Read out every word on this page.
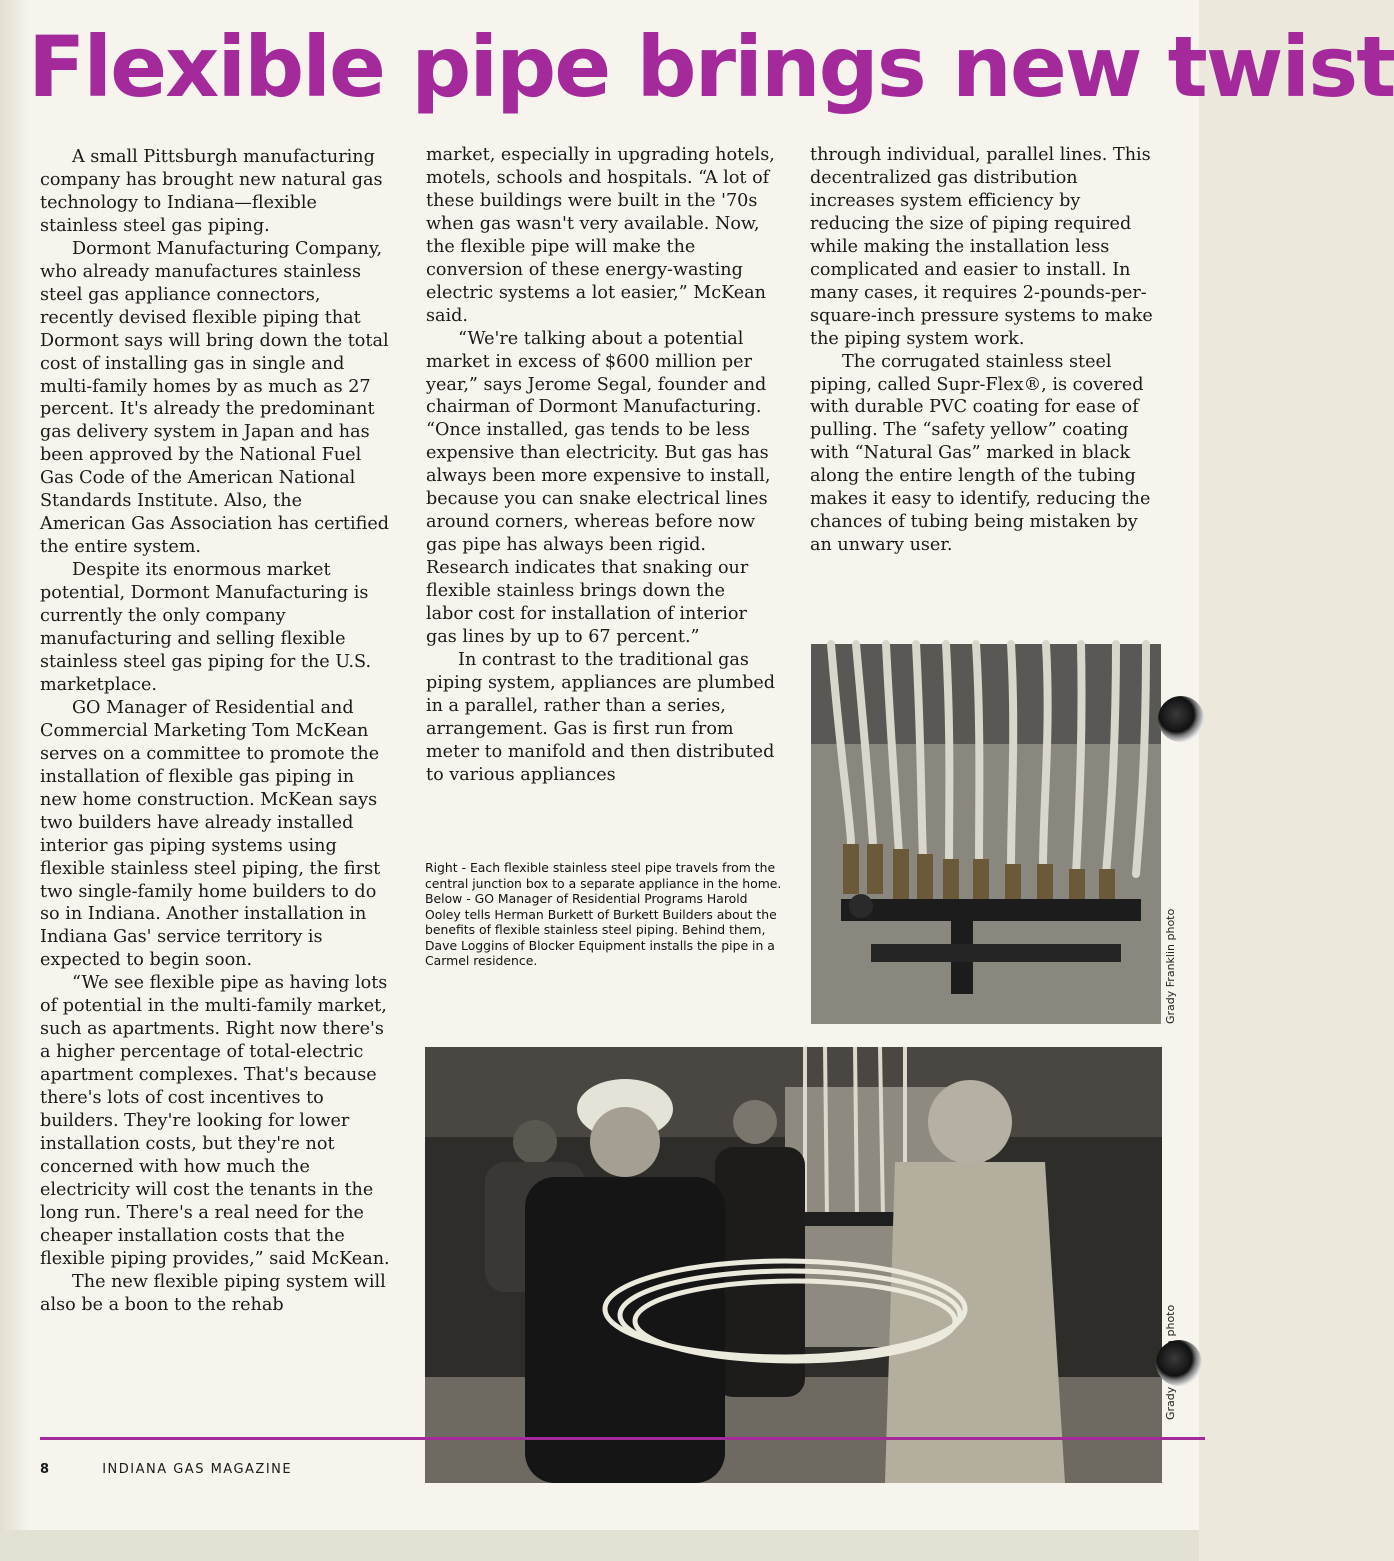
Flexible pipe brings new twist

A small Pittsburgh manufacturing company has brought new natural gas technology to Indiana—flexible stainless steel gas piping.

Dormont Manufacturing Company, who already manufactures stainless steel gas appliance connectors, recently devised flexible piping that Dormont says will bring down the total cost of installing gas in single and multi-family homes by as much as 27 percent. It's already the predominant gas delivery system in Japan and has been approved by the National Fuel Gas Code of the American National Standards Institute. Also, the American Gas Association has certified the entire system.

Despite its enormous market potential, Dormont Manufacturing is currently the only company manufacturing and selling flexible stainless steel gas piping for the U.S. marketplace.

GO Manager of Residential and Commercial Marketing Tom McKean serves on a committee to promote the installation of flexible gas piping in new home construction. McKean says two builders have already installed interior gas piping systems using flexible stainless steel piping, the first two single-family home builders to do so in Indiana. Another installation in Indiana Gas' service territory is expected to begin soon.

“We see flexible pipe as having lots of potential in the multi-family market, such as apartments. Right now there's a higher percentage of total-electric apartment complexes. That's because there's lots of cost incentives to builders. They're looking for lower installation costs, but they're not concerned with how much the electricity will cost the tenants in the long run. There's a real need for the cheaper installation costs that the flexible piping provides,” said McKean.

The new flexible piping system will also be a boon to the rehab

market, especially in upgrading hotels, motels, schools and hospitals. “A lot of these buildings were built in the '70s when gas wasn't very available. Now, the flexible pipe will make the conversion of these energy-wasting electric systems a lot easier,” McKean said.

“We're talking about a potential market in excess of $600 million per year,” says Jerome Segal, founder and chairman of Dormont Manufacturing. “Once installed, gas tends to be less expensive than electricity. But gas has always been more expensive to install, because you can snake electrical lines around corners, whereas before now gas pipe has always been rigid. Research indicates that snaking our flexible stainless brings down the labor cost for installation of interior gas lines by up to 67 percent.”

In contrast to the traditional gas piping system, appliances are plumbed in a parallel, rather than a series, arrangement. Gas is first run from meter to manifold and then distributed to various appliances

through individual, parallel lines. This decentralized gas distribution increases system efficiency by reducing the size of piping required while making the installation less complicated and easier to install. In many cases, it requires 2-pounds-per-square-inch pressure systems to make the piping system work.

The corrugated stainless steel piping, called Supr-Flex®, is covered with durable PVC coating for ease of pulling. The “safety yellow” coating with “Natural Gas” marked in black along the entire length of the tubing makes it easy to identify, reducing the chances of tubing being mistaken by an unwary user.

Right - Each flexible stainless steel pipe travels from the central junction box to a separate appliance in the home. Below - GO Manager of Residential Programs Harold Ooley tells Herman Burkett of Burkett Builders about the benefits of flexible stainless steel piping. Behind them, Dave Loggins of Blocker Equipment installs the pipe in a Carmel residence.	Grady Franklin photo
8	INDIANA GAS MAGAZINE
